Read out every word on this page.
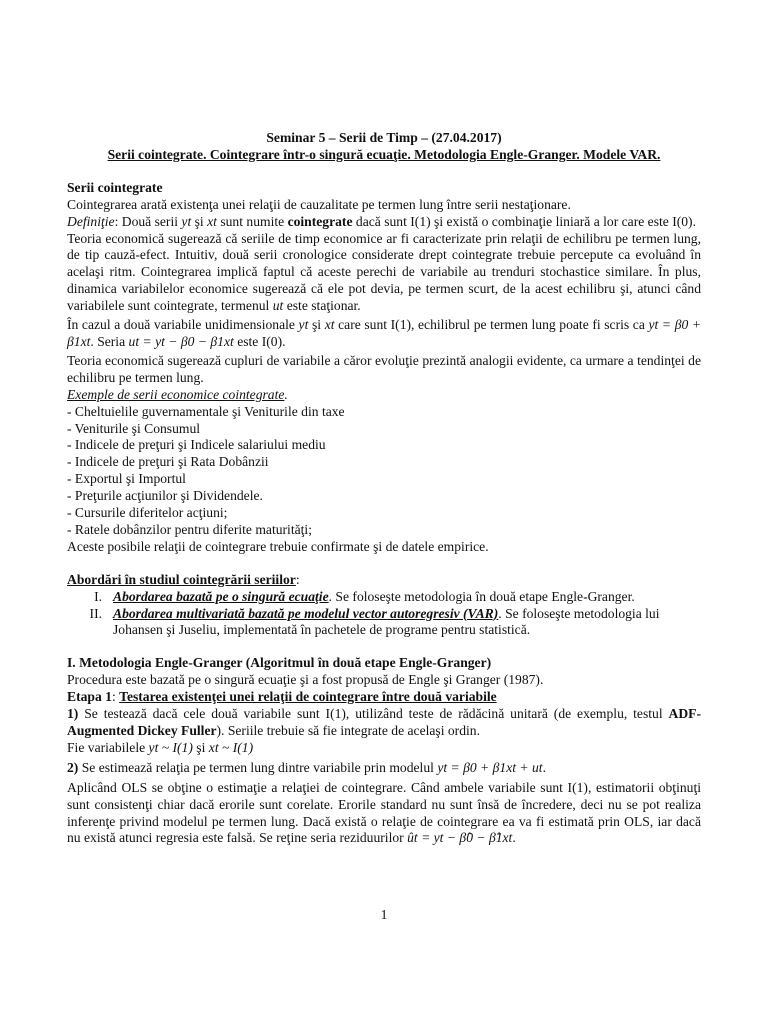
Seminar 5 – Serii de Timp – (27.04.2017)
Serii cointegrate. Cointegrare într-o singură ecuaţie. Metodologia Engle-Granger. Modele VAR.
Serii cointegrate
Cointegrarea arată existenţa unei relaţii de cauzalitate pe termen lung între serii nestaţionare.
Definiţie: Două serii yt şi xt sunt numite cointegrate dacă sunt I(1) şi există o combinaţie liniară a lor care este I(0).
Teoria economică sugerează că seriile de timp economice ar fi caracterizate prin relaţii de echilibru pe termen lung, de tip cauză-efect. Intuitiv, două serii cronologice considerate drept cointegrate trebuie percepute ca evoluând în acelaşi ritm. Cointegrarea implică faptul că aceste perechi de variabile au trenduri stochastice similare. În plus, dinamica variabilelor economice sugerează că ele pot devia, pe termen scurt, de la acest echilibru şi, atunci când variabilele sunt cointegrate, termenul ut este staţionar.
În cazul a două variabile unidimensionale yt şi xt care sunt I(1), echilibrul pe termen lung poate fi scris ca yt = β0 + β1xt. Seria ut = yt − β0 − β1xt este I(0).
Teoria economică sugerează cupluri de variabile a căror evoluţie prezintă analogii evidente, ca urmare a tendinţei de echilibru pe termen lung.
Exemple de serii economice cointegrate.
- Cheltuielile guvernamentale şi Veniturile din taxe
- Veniturile şi Consumul
- Indicele de preţuri şi Indicele salariului mediu
- Indicele de preţuri şi Rata Dobânzii
- Exportul şi Importul
- Preţurile acţiunilor şi Dividendele.
- Cursurile diferitelor acţiuni;
- Ratele dobânzilor pentru diferite maturităţi;
Aceste posibile relaţii de cointegrare trebuie confirmate şi de datele empirice.
Abordări în studiul cointegrării seriilor:
I. Abordarea bazată pe o singură ecuaţie. Se foloseşte metodologia în două etape Engle-Granger.
II. Abordarea multivariată bazată pe modelul vector autoregresiv (VAR). Se foloseşte metodologia lui Johansen şi Juseliu, implementată în pachetele de programe pentru statistică.
I. Metodologia Engle-Granger (Algoritmul în două etape Engle-Granger)
Procedura este bazată pe o singură ecuaţie şi a fost propusă de Engle şi Granger (1987).
Etapa 1: Testarea existenţei unei relaţii de cointegrare între două variabile
1) Se testează dacă cele două variabile sunt I(1), utilizând teste de rădăcină unitară (de exemplu, testul ADF- Augmented Dickey Fuller). Seriile trebuie să fie integrate de acelaşi ordin.
Fie variabilele yt ~ I(1) şi xt ~ I(1)
2) Se estimează relaţia pe termen lung dintre variabile prin modelul yt = β0 + β1xt + ut.
Aplicând OLS se obţine o estimaţie a relaţiei de cointegrare. Când ambele variabile sunt I(1), estimatorii obţinuţi sunt consistenţi chiar dacă erorile sunt corelate. Erorile standard nu sunt însă de încredere, deci nu se pot realiza inferenţe privind modelul pe termen lung. Dacă există o relaţie de cointegrare ea va fi estimată prin OLS, iar dacă nu există atunci regresia este falsă. Se reţine seria reziduurilor ût = yt − β̂0 − β̂1xt.
1
